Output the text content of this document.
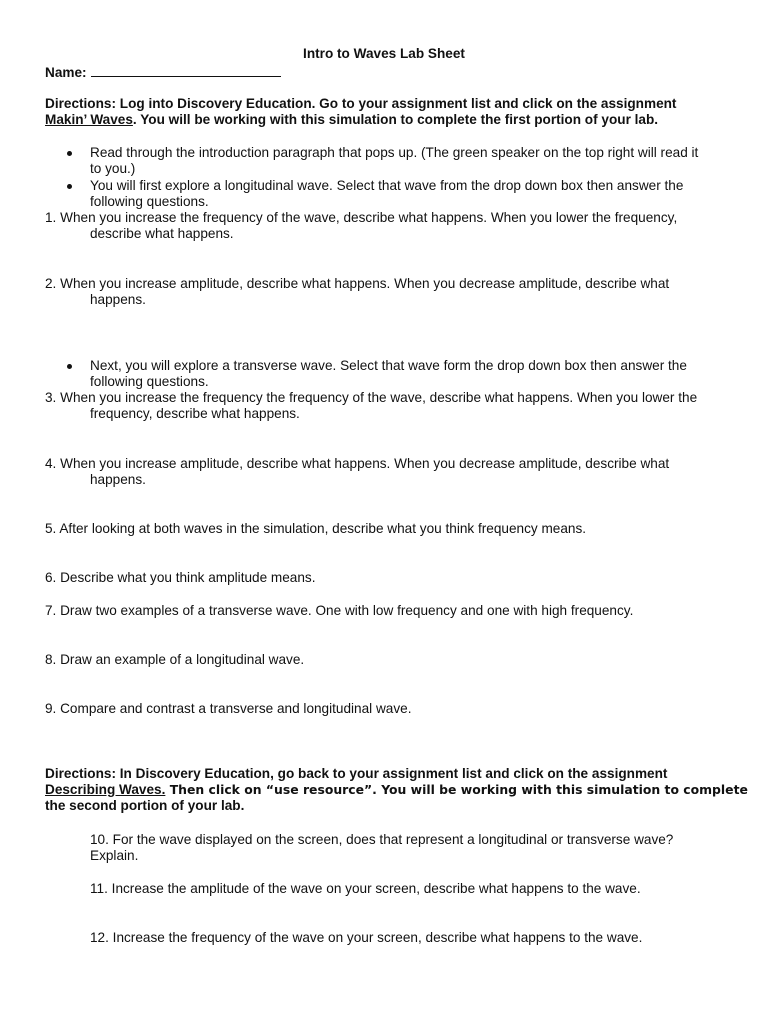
Intro to Waves Lab Sheet
Name:
Directions: Log into Discovery Education. Go to your assignment list and click on the assignment
Makin’ Waves. You will be working with this simulation to complete the first portion of your lab.
Read through the introduction paragraph that pops up. (The green speaker on the top right will read it
to you.)
You will first explore a longitudinal wave. Select that wave from the drop down box then answer the
following questions.
1. When you increase the frequency of the wave, describe what happens. When you lower the frequency,
describe what happens.
2. When you increase amplitude, describe what happens. When you decrease amplitude, describe what
happens.
Next, you will explore a transverse wave. Select that wave form the drop down box then answer the
following questions.
3. When you increase the frequency the frequency of the wave, describe what happens. When you lower the
frequency, describe what happens.
4. When you increase amplitude, describe what happens. When you decrease amplitude, describe what
happens.
5. After looking at both waves in the simulation, describe what you think frequency means.
6. Describe what you think amplitude means.
7. Draw two examples of a transverse wave. One with low frequency and one with high frequency.
8. Draw an example of a longitudinal wave.
9. Compare and contrast a transverse and longitudinal wave.
Directions: In Discovery Education, go back to your assignment list and click on the assignment
Describing Waves. Then click on “use resource”. You will be working with this simulation to complete
the second portion of your lab.
10. For the wave displayed on the screen, does that represent a longitudinal or transverse wave?
Explain.
11. Increase the amplitude of the wave on your screen, describe what happens to the wave.
12. Increase the frequency of the wave on your screen, describe what happens to the wave.
